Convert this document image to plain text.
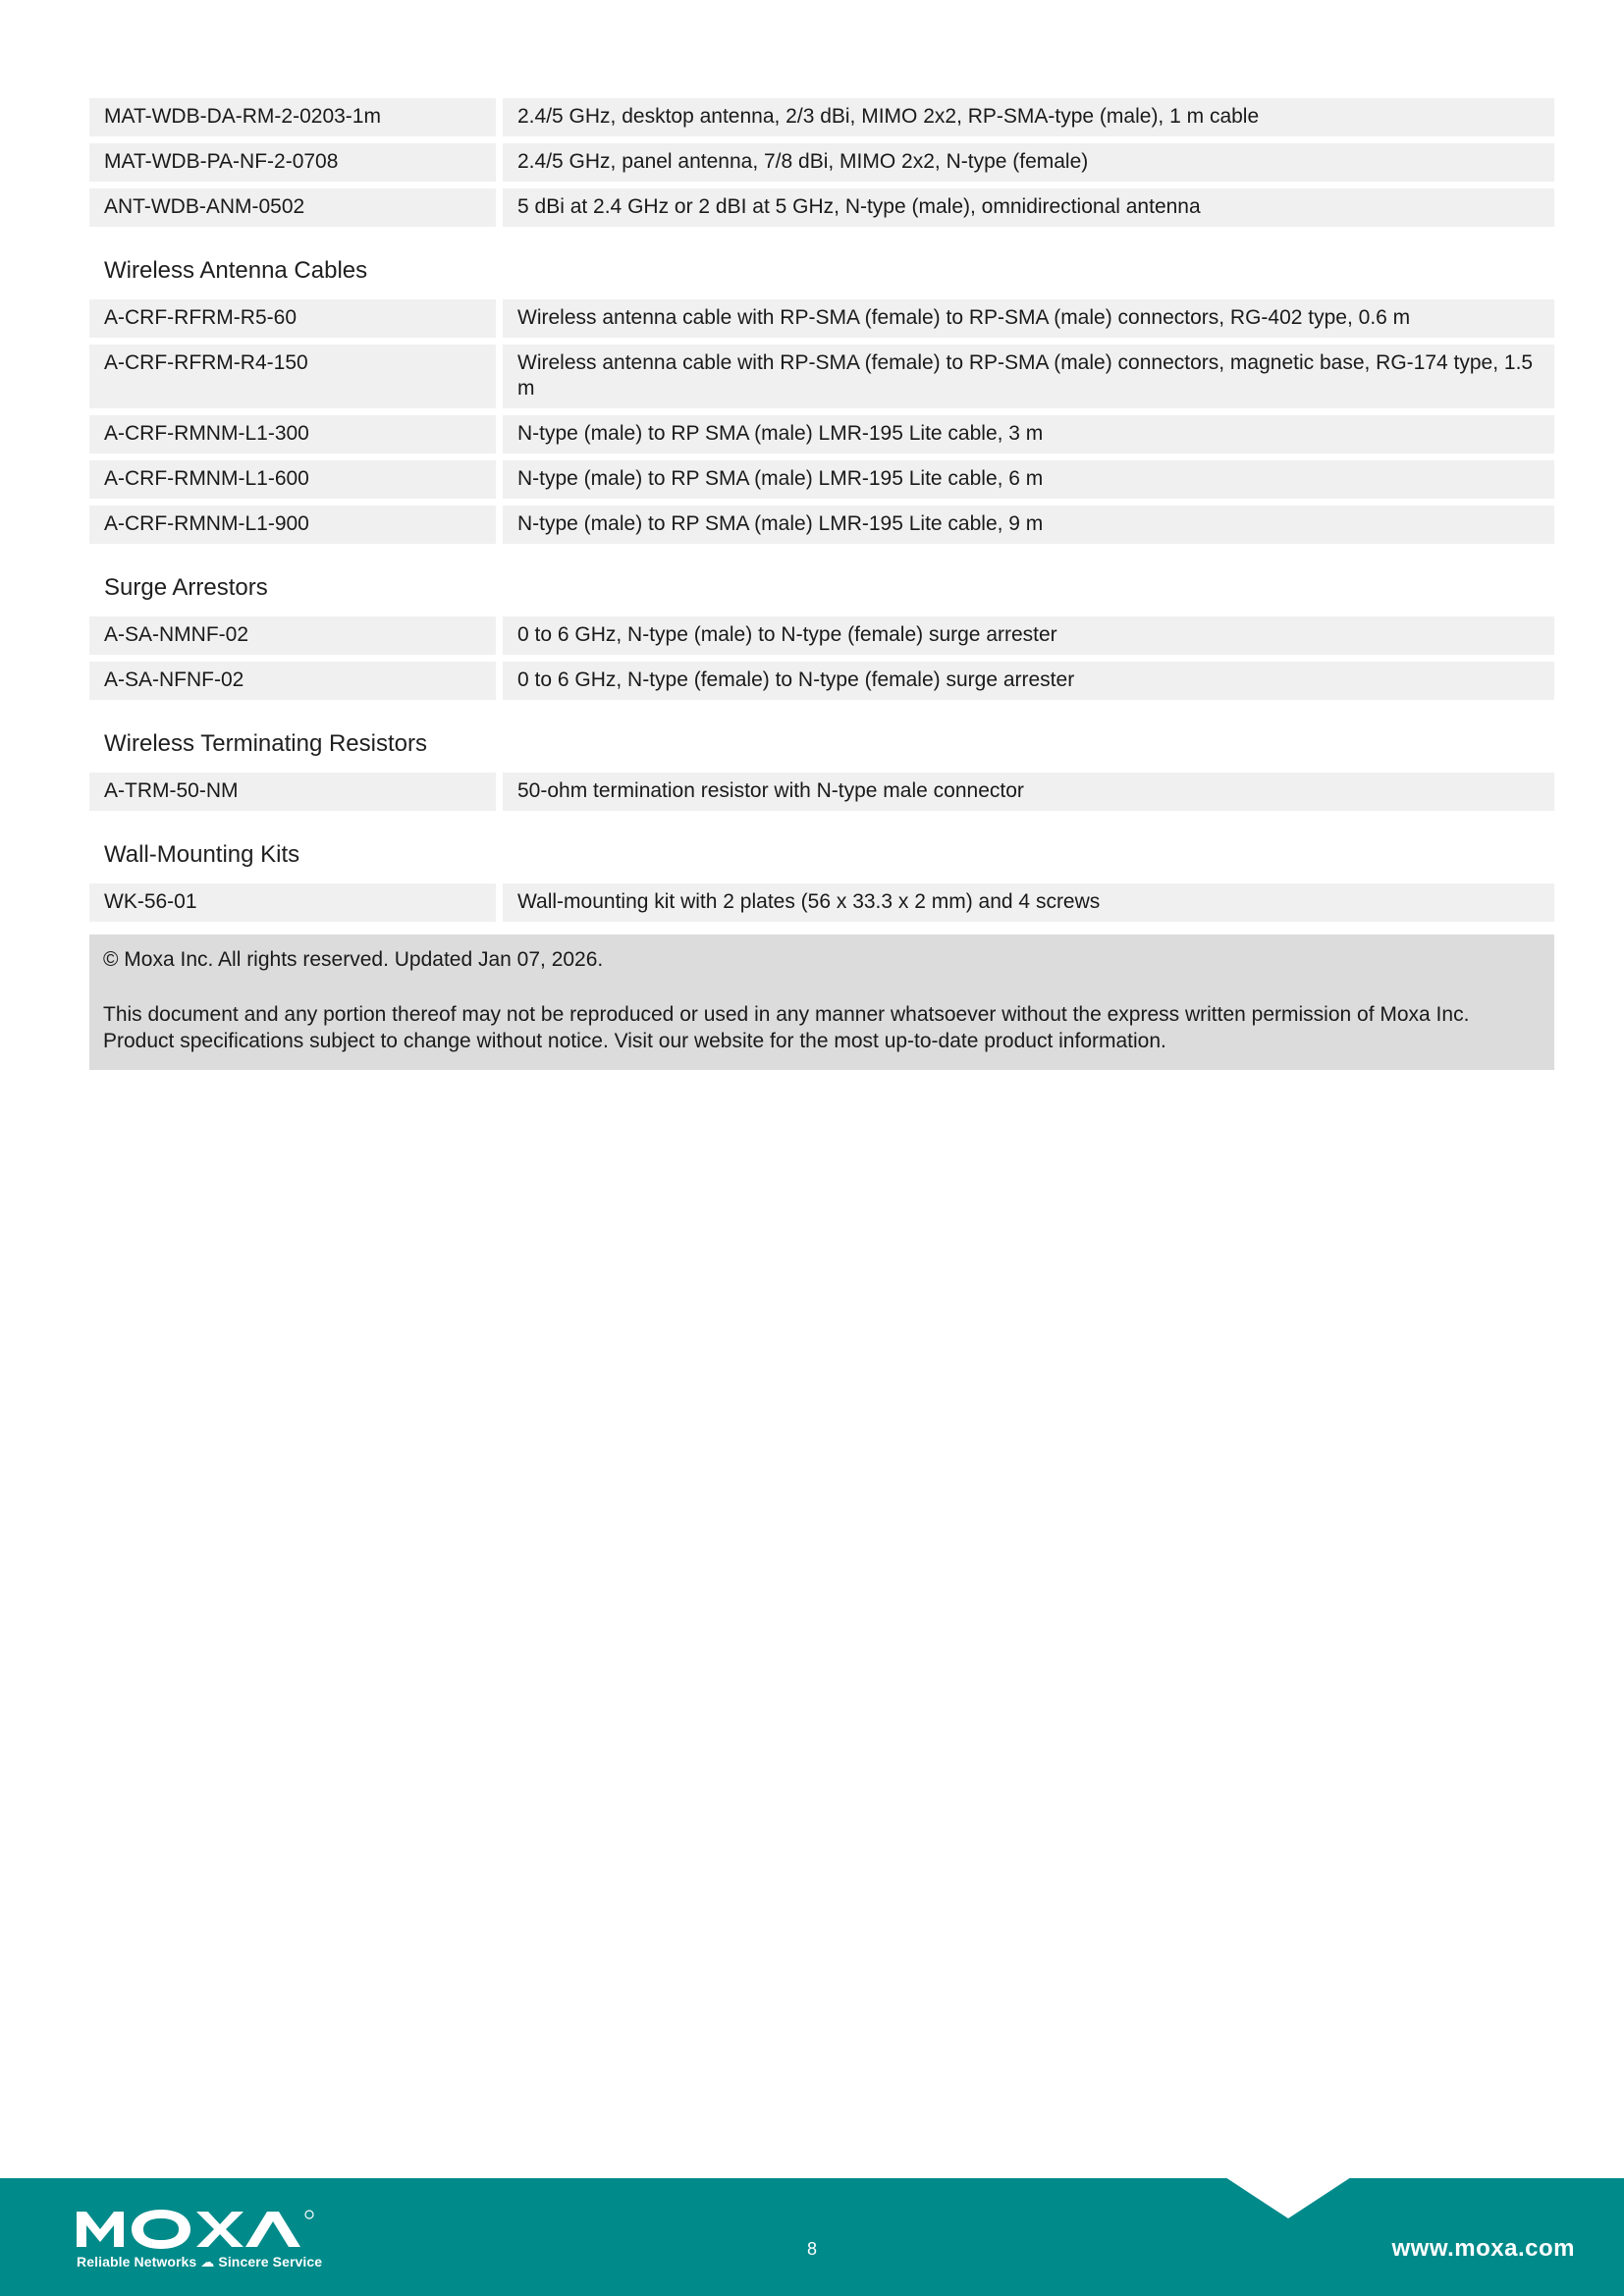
MAT-WDB-DA-RM-2-0203-1m	2.4/5 GHz, desktop antenna, 2/3 dBi, MIMO 2x2, RP-SMA-type (male), 1 m cable
MAT-WDB-PA-NF-2-0708	2.4/5 GHz, panel antenna, 7/8 dBi, MIMO 2x2, N-type (female)
ANT-WDB-ANM-0502	5 dBi at 2.4 GHz or 2 dBI at 5 GHz, N-type (male), omnidirectional antenna
Wireless Antenna Cables
A-CRF-RFRM-R5-60	Wireless antenna cable with RP-SMA (female) to RP-SMA (male) connectors, RG-402 type, 0.6 m
A-CRF-RFRM-R4-150	Wireless antenna cable with RP-SMA (female) to RP-SMA (male) connectors, magnetic base, RG-174 type, 1.5 m
A-CRF-RMNM-L1-300	N-type (male) to RP SMA (male) LMR-195 Lite cable, 3 m
A-CRF-RMNM-L1-600	N-type (male) to RP SMA (male) LMR-195 Lite cable, 6 m
A-CRF-RMNM-L1-900	N-type (male) to RP SMA (male) LMR-195 Lite cable, 9 m
Surge Arrestors
A-SA-NMNF-02	0 to 6 GHz, N-type (male) to N-type (female) surge arrester
A-SA-NFNF-02	0 to 6 GHz, N-type (female) to N-type (female) surge arrester
Wireless Terminating Resistors
A-TRM-50-NM	50-ohm termination resistor with N-type male connector
Wall-Mounting Kits
WK-56-01	Wall-mounting kit with 2 plates (56 x 33.3 x 2 mm) and 4 screws

© Moxa Inc. All rights reserved. Updated Jan 07, 2026.

This document and any portion thereof may not be reproduced or used in any manner whatsoever without the express written permission of Moxa Inc. Product specifications subject to change without notice. Visit our website for the most up-to-date product information.

Reliable Networks ☁ Sincere Service
8	www.moxa.com
